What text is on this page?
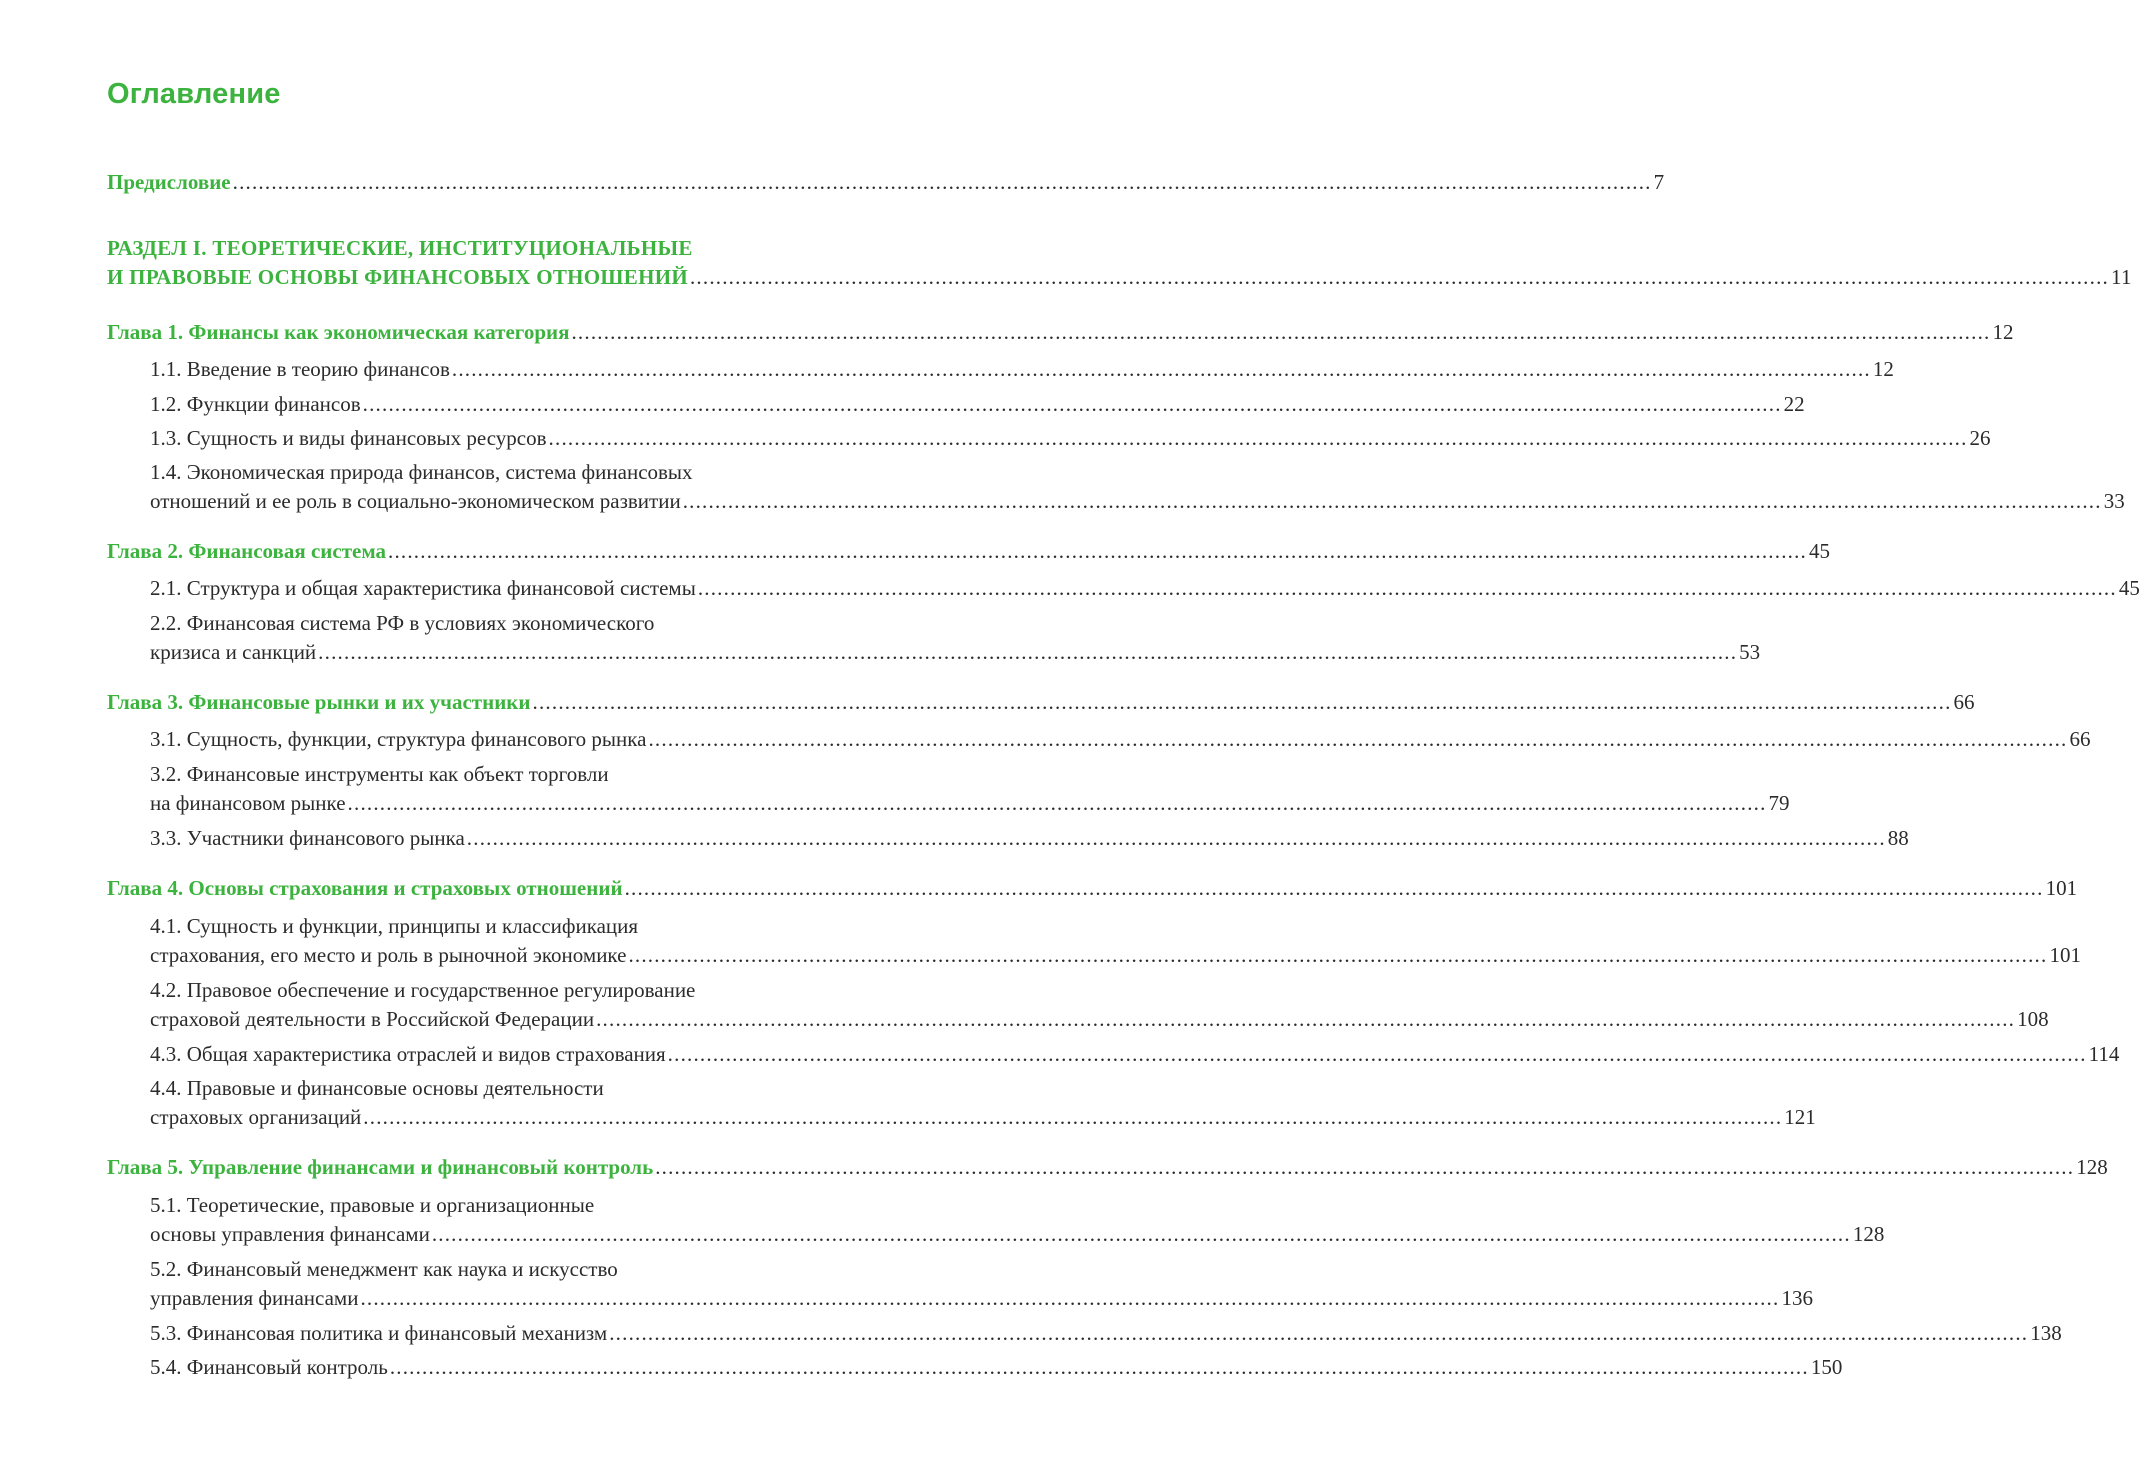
Оглавление
Предисловие ............................................................................................................................................................................................................................ 7
РАЗДЕЛ I. ТЕОРЕТИЧЕСКИЕ, ИНСТИТУЦИОНАЛЬНЫЕ
И ПРАВОВЫЕ ОСНОВЫ ФИНАНСОВЫХ ОТНОШЕНИЙ ............................................................................................................................................................................................................................ 11
Глава 1. Финансы как экономическая категория ............................................................................................................................................................................................................................ 12
1.1. Введение в теорию финансов ............................................................................................................................................................................................................................ 12
1.2. Функции финансов ............................................................................................................................................................................................................................ 22
1.3. Сущность и виды финансовых ресурсов ............................................................................................................................................................................................................................ 26
1.4. Экономическая природа финансов, система финансовых
отношений и ее роль в социально-экономическом развитии ............................................................................................................................................................................................................................ 33
Глава 2. Финансовая система ............................................................................................................................................................................................................................ 45
2.1. Структура и общая характеристика финансовой системы ............................................................................................................................................................................................................................ 45
2.2. Финансовая система РФ в условиях экономического
кризиса и санкций ............................................................................................................................................................................................................................ 53
Глава 3. Финансовые рынки и их участники ............................................................................................................................................................................................................................ 66
3.1. Сущность, функции, структура финансового рынка ............................................................................................................................................................................................................................ 66
3.2. Финансовые инструменты как объект торговли
на финансовом рынке ............................................................................................................................................................................................................................ 79
3.3. Участники финансового рынка ............................................................................................................................................................................................................................ 88
Глава 4. Основы страхования и страховых отношений ............................................................................................................................................................................................................................ 101
4.1. Сущность и функции, принципы и классификация
страхования, его место и роль в рыночной экономике ............................................................................................................................................................................................................................ 101
4.2. Правовое обеспечение и государственное регулирование
страховой деятельности в Российской Федерации ............................................................................................................................................................................................................................ 108
4.3. Общая характеристика отраслей и видов страхования ............................................................................................................................................................................................................................ 114
4.4. Правовые и финансовые основы деятельности
страховых организаций ............................................................................................................................................................................................................................ 121
Глава 5. Управление финансами и финансовый контроль ............................................................................................................................................................................................................................ 128
5.1. Теоретические, правовые и организационные
основы управления финансами ............................................................................................................................................................................................................................ 128
5.2. Финансовый менеджмент как наука и искусство
управления финансами ............................................................................................................................................................................................................................ 136
5.3. Финансовая политика и финансовый механизм ............................................................................................................................................................................................................................ 138
5.4. Финансовый контроль ............................................................................................................................................................................................................................ 150
